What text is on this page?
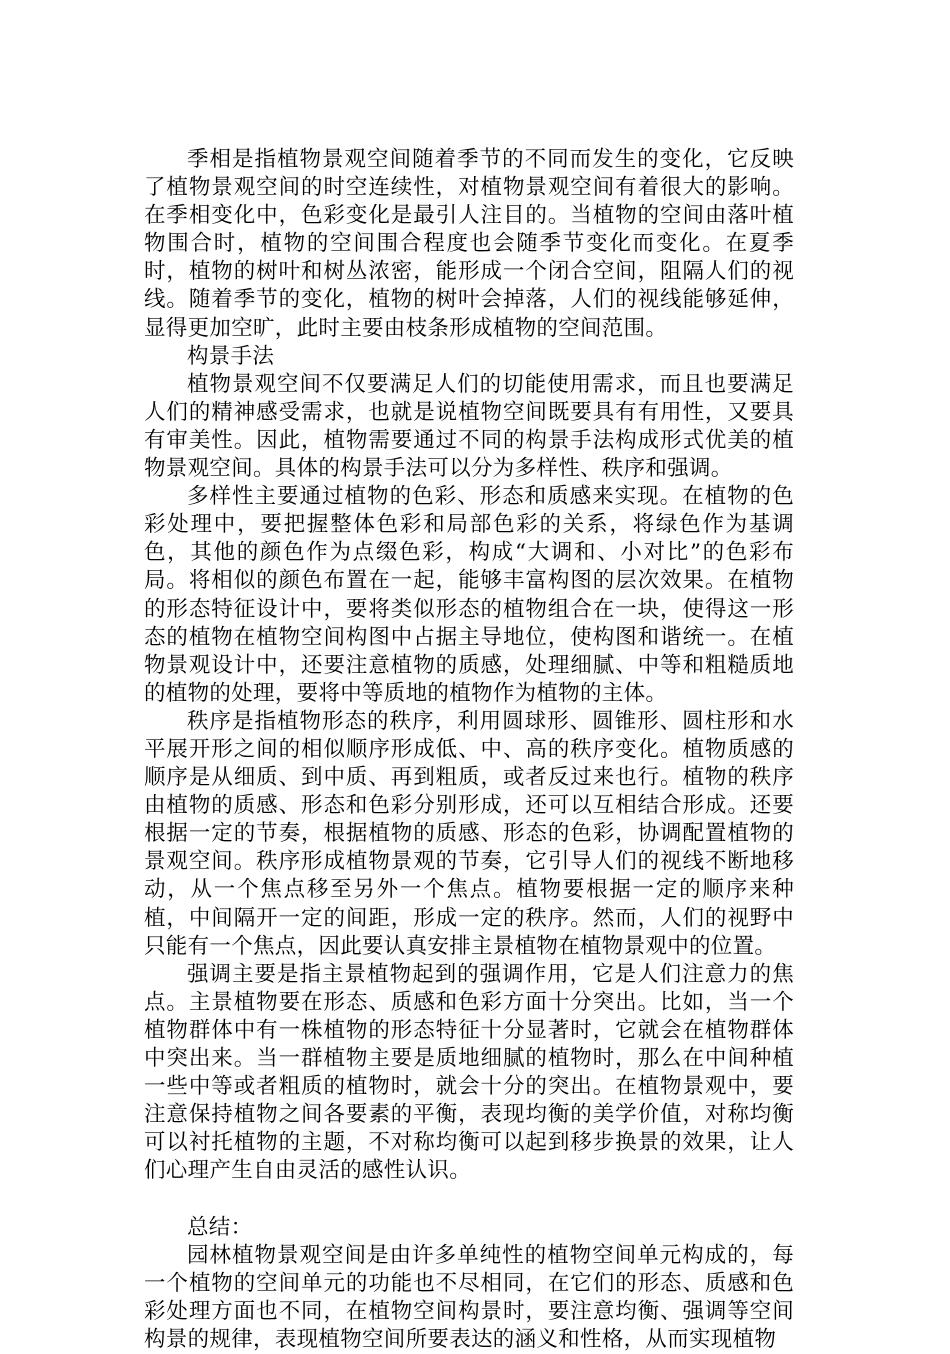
季相是指植物景观空间随着季节的不同而发生的变化，它反映了植物景观空间的时空连续性，对植物景观空间有着很大的影响。在季相变化中，色彩变化是最引人注目的。当植物的空间由落叶植物围合时，植物的空间围合程度也会随季节变化而变化。在夏季时，植物的树叶和树丛浓密，能形成一个闭合空间，阻隔人们的视线。随着季节的变化，植物的树叶会掉落，人们的视线能够延伸，显得更加空旷，此时主要由枝条形成植物的空间范围。

构景手法

植物景观空间不仅要满足人们的切能使用需求，而且也要满足人们的精神感受需求，也就是说植物空间既要具有有用性，又要具有审美性。因此，植物需要通过不同的构景手法构成形式优美的植物景观空间。具体的构景手法可以分为多样性、秩序和强调。

多样性主要通过植物的色彩、形态和质感来实现。在植物的色彩处理中，要把握整体色彩和局部色彩的关系，将绿色作为基调色，其他的颜色作为点缀色彩，构成“大调和、小对比”的色彩布局。将相似的颜色布置在一起，能够丰富构图的层次效果。在植物的形态特征设计中，要将类似形态的植物组合在一块，使得这一形态的植物在植物空间构图中占据主导地位，使构图和谐统一。在植物景观设计中，还要注意植物的质感，处理细腻、中等和粗糙质地的植物的处理，要将中等质地的植物作为植物的主体。

秩序是指植物形态的秩序，利用圆球形、圆锥形、圆柱形和水平展开形之间的相似顺序形成低、中、高的秩序变化。植物质感的顺序是从细质、到中质、再到粗质，或者反过来也行。植物的秩序由植物的质感、形态和色彩分别形成，还可以互相结合形成。还要根据一定的节奏，根据植物的质感、形态的色彩，协调配置植物的景观空间。秩序形成植物景观的节奏，它引导人们的视线不断地移动，从一个焦点移至另外一个焦点。植物要根据一定的顺序来种植，中间隔开一定的间距，形成一定的秩序。然而，人们的视野中只能有一个焦点，因此要认真安排主景植物在植物景观中的位置。

强调主要是指主景植物起到的强调作用，它是人们注意力的焦点。主景植物要在形态、质感和色彩方面十分突出。比如，当一个植物群体中有一株植物的形态特征十分显著时，它就会在植物群体中突出来。当一群植物主要是质地细腻的植物时，那么在中间种植一些中等或者粗质的植物时，就会十分的突出。在植物景观中，要注意保持植物之间各要素的平衡，表现均衡的美学价值，对称均衡可以衬托植物的主题，不对称均衡可以起到移步换景的效果，让人们心理产生自由灵活的感性认识。

总结：

园林植物景观空间是由许多单纯性的植物空间单元构成的，每一个植物的空间单元的功能也不尽相同，在它们的形态、质感和色彩处理方面也不同，在植物空间构景时，要注意均衡、强调等空间构景的规律，表现植物空间所要表达的涵义和性格，从而实现植物
